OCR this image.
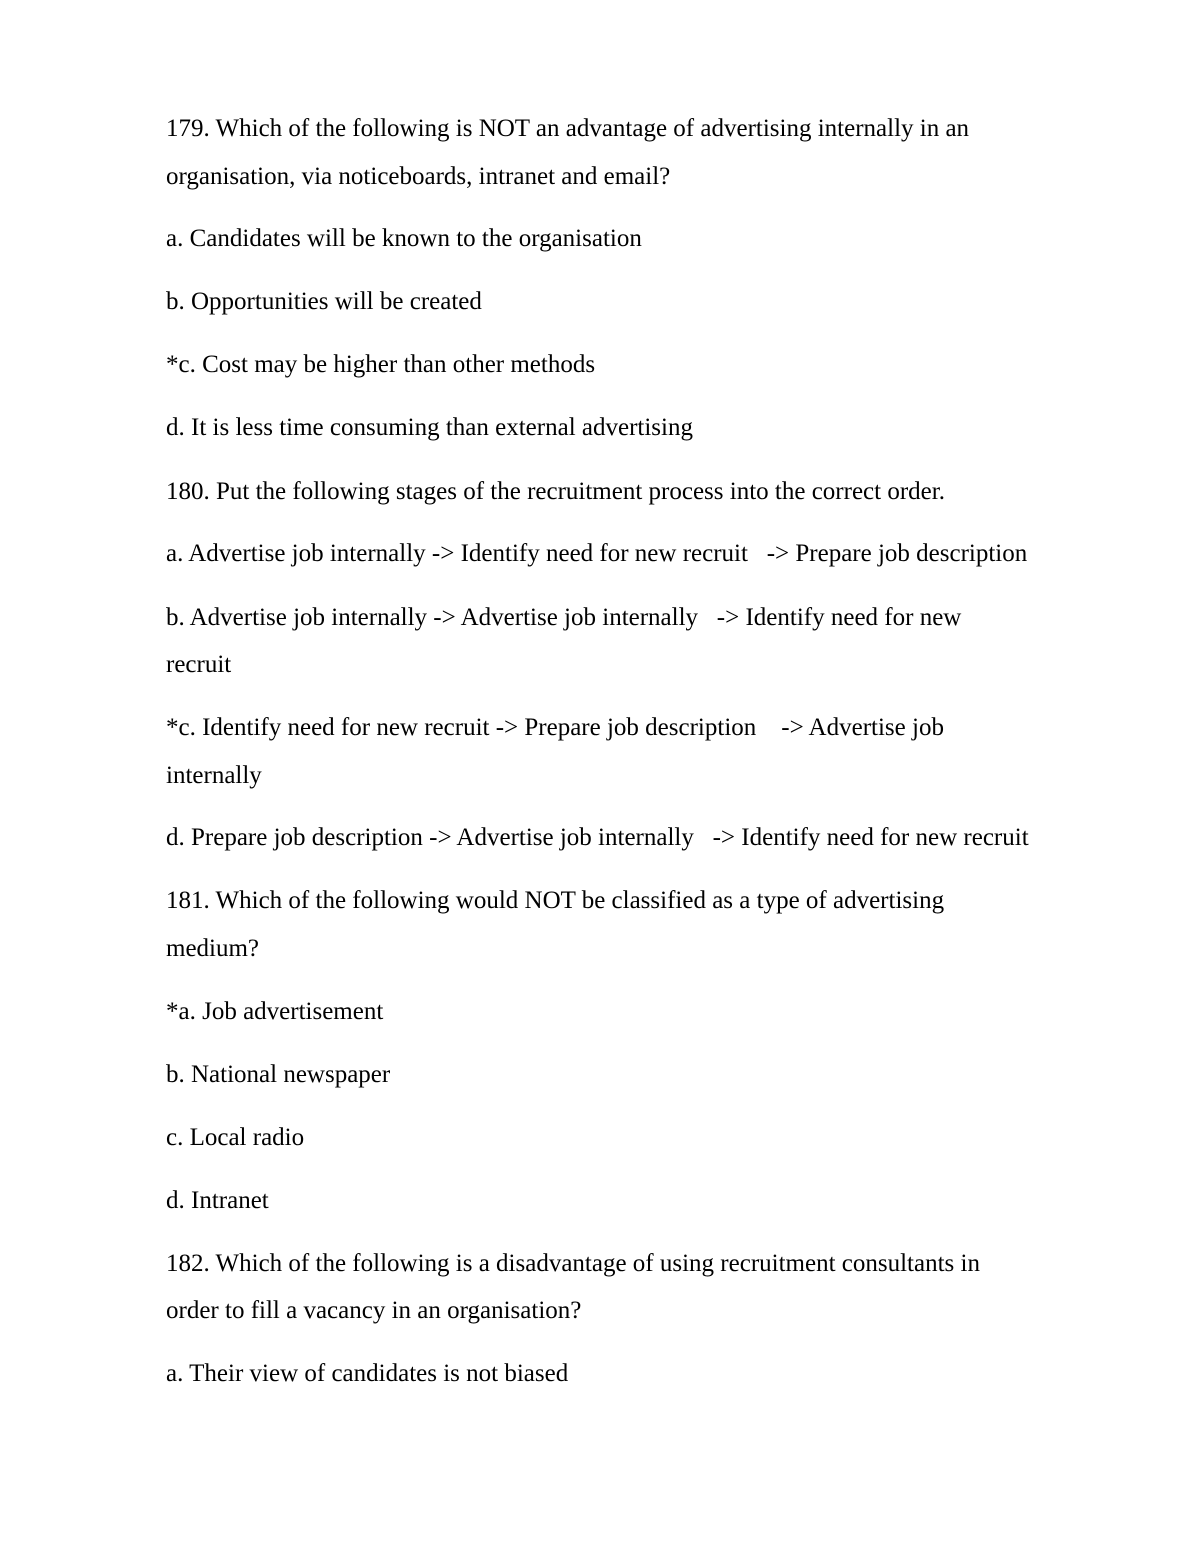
179. Which of the following is NOT an advantage of advertising internally in an

organisation, via noticeboards, intranet and email?

a. Candidates will be known to the organisation

b. Opportunities will be created

*c. Cost may be higher than other methods

d. It is less time consuming than external advertising

180. Put the following stages of the recruitment process into the correct order.

a. Advertise job internally -> Identify need for new recruit   -> Prepare job description

b. Advertise job internally -> Advertise job internally   -> Identify need for new

recruit

*c. Identify need for new recruit -> Prepare job description    -> Advertise job

internally

d. Prepare job description -> Advertise job internally   -> Identify need for new recruit

181. Which of the following would NOT be classified as a type of advertising

medium?

*a. Job advertisement

b. National newspaper

c. Local radio

d. Intranet

182. Which of the following is a disadvantage of using recruitment consultants in

order to fill a vacancy in an organisation?

a. Their view of candidates is not biased
